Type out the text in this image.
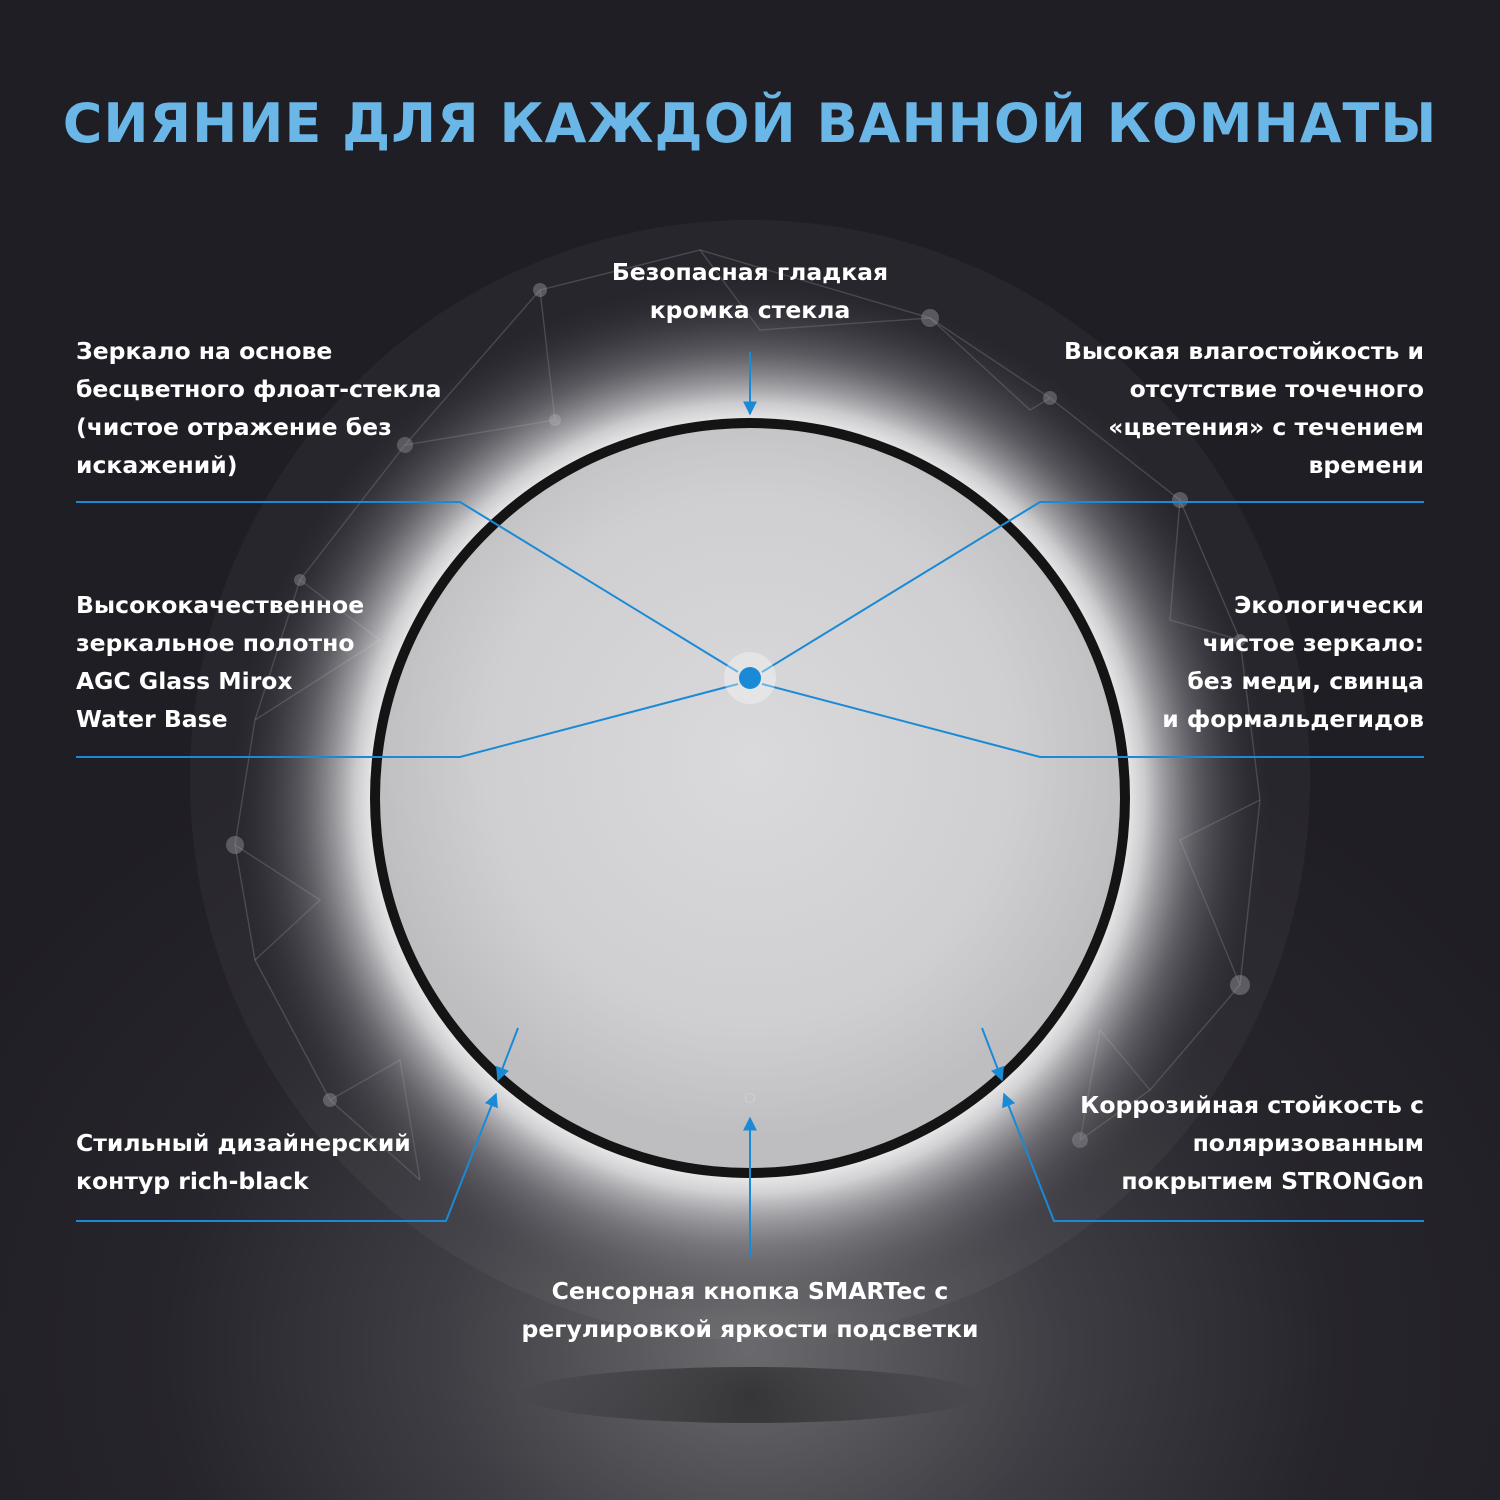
СИЯНИЕ ДЛЯ КАЖДОЙ ВАННОЙ КОМНАТЫ
Безопасная гладкая
кромка стекла
Зеркало на основе
бесцветного флоат-стекла
(чистое отражение без
искажений)
Высокая влагостойкость и
отсутствие точечного
«цветения» с течением
времени
Высококачественное
зеркальное полотно
AGC Glass Mirox
Water Base
Экологически
чистое зеркало:
без меди, свинца
и формальдегидов
Стильный дизайнерский
контур rich-black
Коррозийная стойкость с
поляризованным
покрытием STRONGon
Сенсорная кнопка SMARTec с
регулировкой яркости подсветки
